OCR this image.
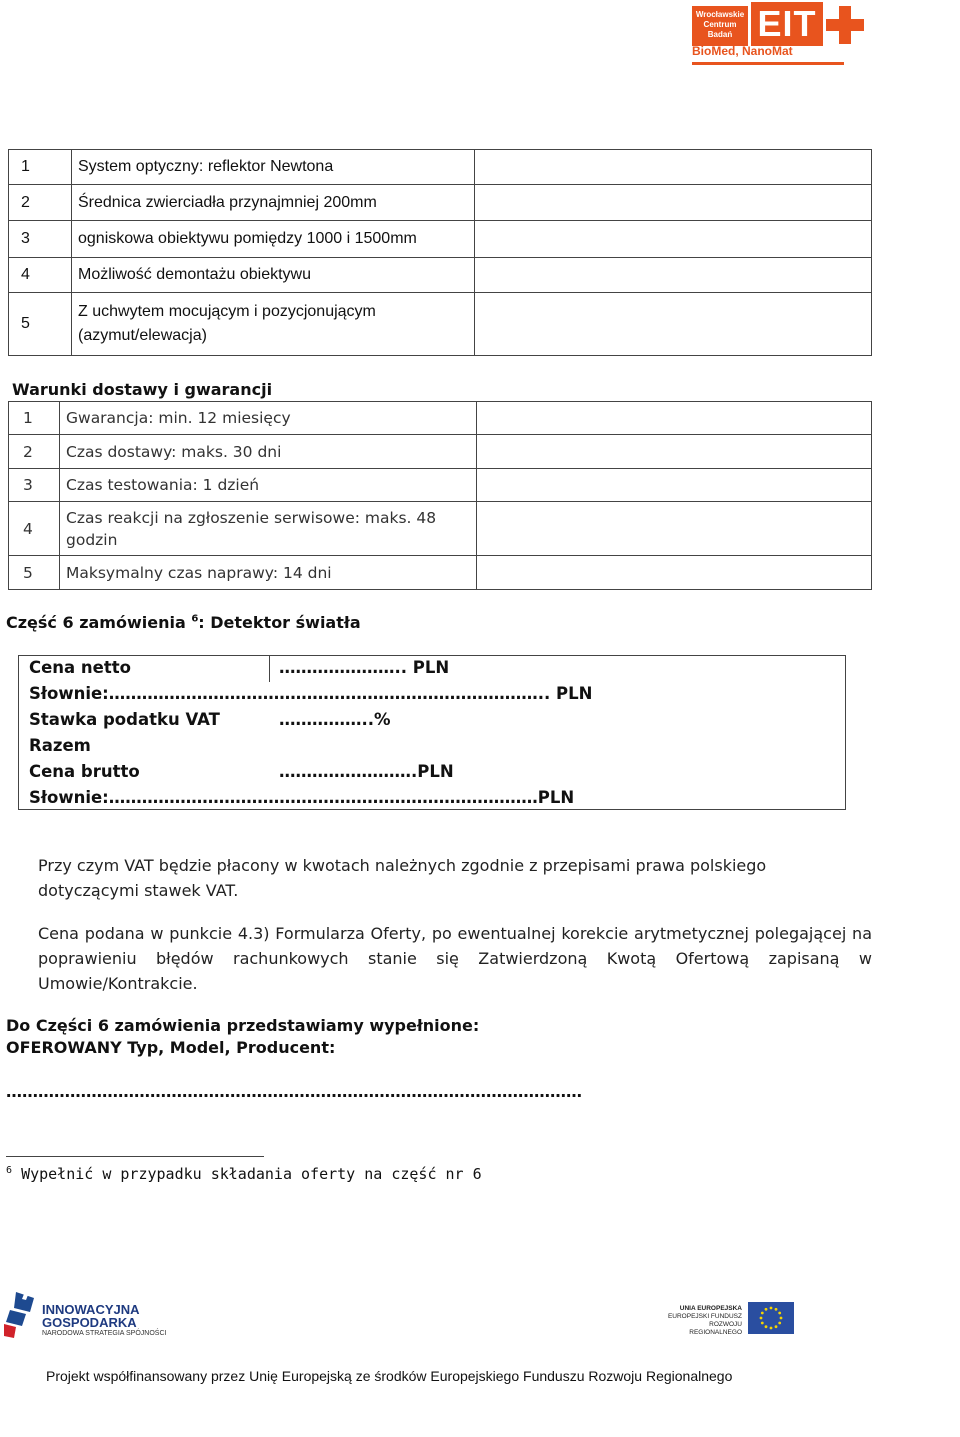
Wrocławskie
Centrum
Badań EIT
BioMed, NanoMat
1	System optyczny: reflektor Newtona	
2	Średnica zwierciadła przynajmniej 200mm	
3	ogniskowa obiektywu pomiędzy 1000 i 1500mm	
4	Możliwość demontażu obiektywu	
5	Z uchwytem mocującym i pozycjonującym
(azymut/elewacja)	

Warunki dostawy i gwarancji
1	Gwarancja: min. 12 miesięcy	
2	Czas dostawy: maks. 30 dni	
3	Czas testowania: 1 dzień	
4	Czas reakcji na zgłoszenie serwisowe: maks. 48
godzin	

5	Maksymalny czas naprawy: 14 dni	
Część 6 zamówienia $^6$: Detektor światła
Cena netto	………………….. PLN
Słownie:…………………………………………………………………….. PLN
Stawka podatku VAT	……………..%
Razem
Cena brutto	…………………….PLN
Słownie:……………………………………………………………………PLN
Przy czym VAT będzie płacony w kwotach należnych zgodnie z przepisami prawa polskiego dotyczącymi stawek VAT.
Cena podana w punkcie 4.3) Formularza Oferty, po ewentualnej korekcie arytmetycznej polegającej na poprawieniu błędów rachunkowych stanie się Zatwierdzoną Kwotą Ofertową zapisaną w Umowie/Kontrakcie.
Do Części 6 zamówienia przedstawiamy wypełnione:
OFEROWANY Typ, Model, Producent:
………………………………………………………………………………………………
$^6$ Wypełnić w przypadku składania oferty na część nr 6
INNOWACYJNA
GOSPODARKA
NARODOWA STRATEGIA SPÓJNOŚCI
UNIA EUROPEJSKA
EUROPEJSKI FUNDUSZ
ROZWOJU REGIONALNEGO
Projekt współfinansowany przez Unię Europejską ze środków Europejskiego Funduszu Rozwoju Regionalnego
